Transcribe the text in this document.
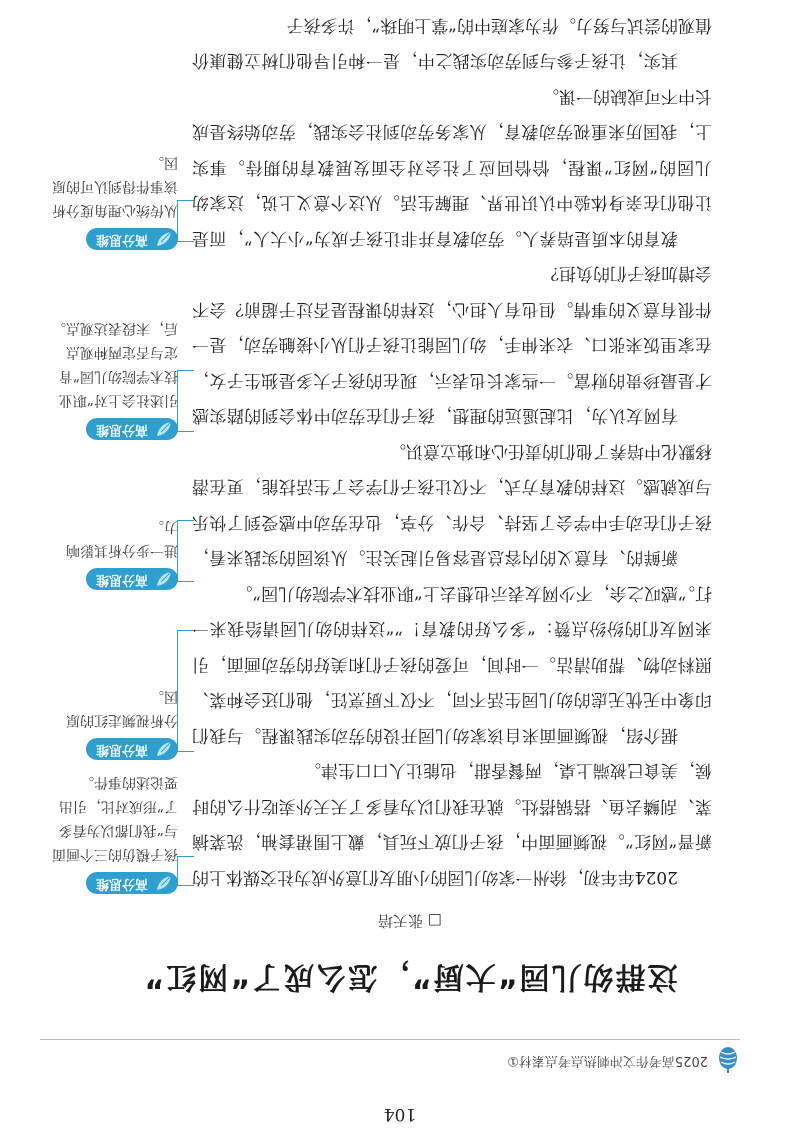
2025高考作文冲刺热点考点素材①
这群幼儿园“大厨”，怎么成了“网红”
□ 张天培

2024年年初，徐州一家幼儿园的小朋友们意外成为社交媒体上的新晋“网红”。视频画面中，孩子们放下玩具，戴上围裙套袖，洗菜摘菜、刮鳞去鱼、搭锅搭灶。就在我们以为看多了天天外卖吃什么的时候，美食已被端上桌，两餐香甜，也能让人口口生津。

据介绍，视频画面来自该家幼儿园开设的劳动实践课程。与我们印象中无忧无虑的幼儿园生活不同，不仅下厨烹饪，他们还会种菜、照料动物、帮助清洁。一时间，可爱的孩子们和美好的劳动画面，引来网友们的纷纷点赞：“多么好的教育！”“这样的幼儿园请给我来一打。”感叹之余，不少网友表示也想去上“职业技术学院幼儿园”。

新鲜的、有意义的内容总是容易引起关注。从该园的实践来看，孩子们在动手中学会了坚持、合作、分享，也在劳动中感受到了快乐与成就感。这样的教育方式，不仅让孩子们学会了生活技能，更在潜移默化中培养了他们的责任心和独立意识。

有网友认为，比起遥远的理想，孩子们在劳动中体会到的踏实感才是最珍贵的财富。一些家长也表示，现在的孩子大多是独生子女，在家里饭来张口、衣来伸手，幼儿园能让孩子们从小接触劳动，是一件很有意义的事情。但也有人担心，这样的课程是否过于超前？会不会增加孩子们的负担？

教育的本质是培养人。劳动教育并非让孩子成为“小大人”，而是让他们在亲身体验中认识世界、理解生活。从这个意义上说，这家幼儿园的“网红”课程，恰恰回应了社会对全面发展教育的期待。事实上，我国历来重视劳动教育，从家务劳动到社会实践，劳动始终是成长中不可或缺的一课。

其实，让孩子参与到劳动实践之中，是一种引导他们树立健康价值观的尝试与努力。作为家庭中的“掌上明珠”，许多孩子

高分思维
孩子模仿的三个画面与“我们都以为看多了”形成对比，引出要论述的事件。
高分思维
分析视频走红的原因。
高分思维
进一步分析其影响力。
高分思维
引述社会上对“职业技术学院幼儿园”肯定与否定两种观点后，末段表达观点。
高分思维
从传统心理角度分析该事件得到认可的原因。
104
